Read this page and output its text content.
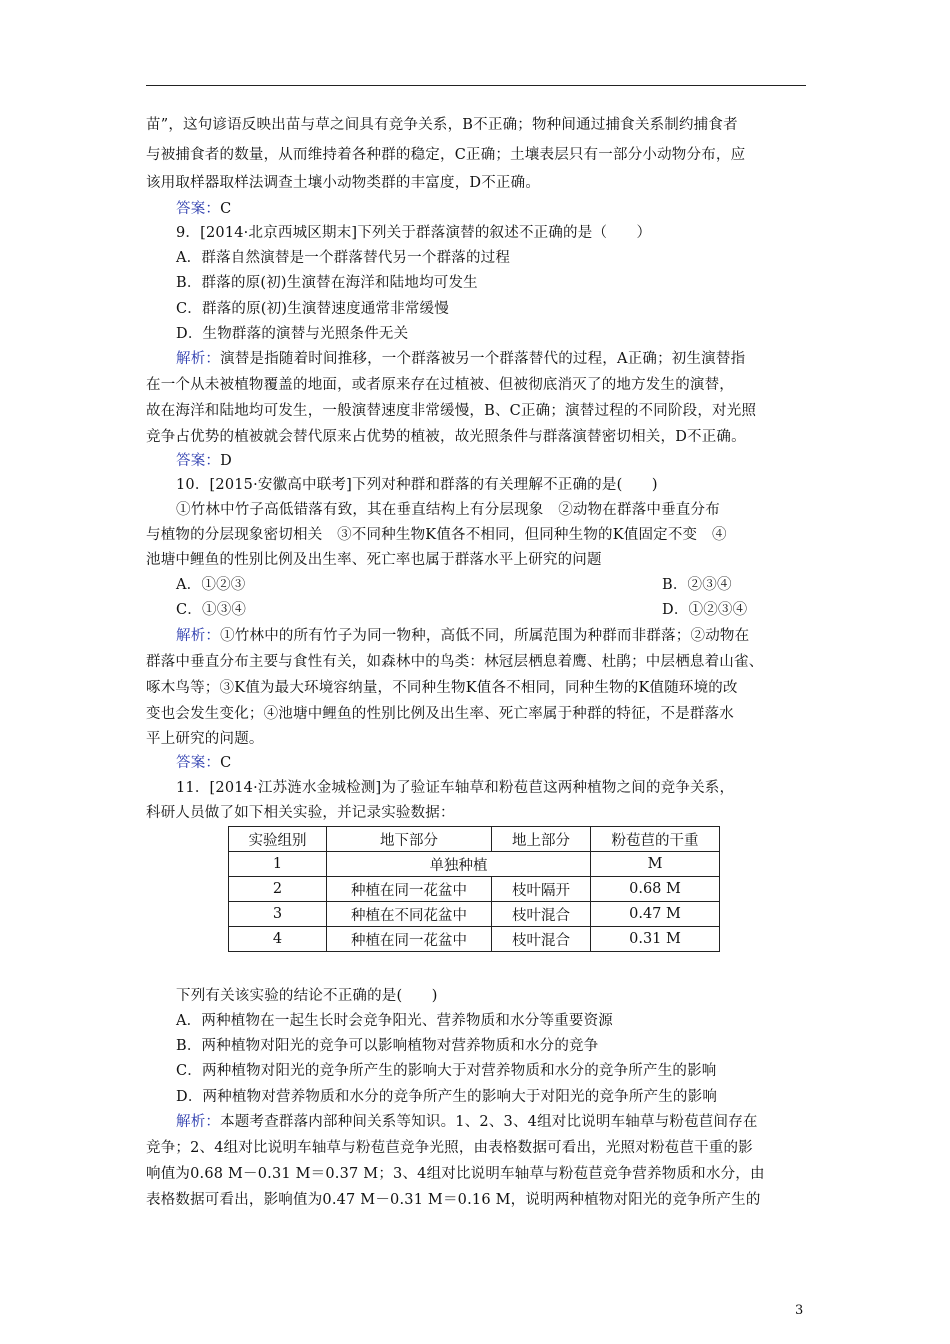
苗”，这句谚语反映出苗与草之间具有竞争关系，B不正确；物种间通过捕食关系制约捕食者
与被捕食者的数量，从而维持着各种群的稳定，C正确；土壤表层只有一部分小动物分布，应
该用取样器取样法调查土壤小动物类群的丰富度，D不正确。
答案：C
9．[2014·北京西城区期末]下列关于群落演替的叙述不正确的是（　　）
A．群落自然演替是一个群落替代另一个群落的过程
B．群落的原(初)生演替在海洋和陆地均可发生
C．群落的原(初)生演替速度通常非常缓慢
D．生物群落的演替与光照条件无关
解析：演替是指随着时间推移，一个群落被另一个群落替代的过程，A正确；初生演替指
在一个从未被植物覆盖的地面，或者原来存在过植被、但被彻底消灭了的地方发生的演替，
故在海洋和陆地均可发生，一般演替速度非常缓慢，B、C正确；演替过程的不同阶段，对光照
竞争占优势的植被就会替代原来占优势的植被，故光照条件与群落演替密切相关，D不正确。
答案：D
10．[2015·安徽高中联考]下列对种群和群落的有关理解不正确的是(　　)
①竹林中竹子高低错落有致，其在垂直结构上有分层现象　②动物在群落中垂直分布
与植物的分层现象密切相关　③不同种生物K值各不相同，但同种生物的K值固定不变　④
池塘中鲤鱼的性别比例及出生率、死亡率也属于群落水平上研究的问题
A．①②③	B．②③④
C．①③④	D．①②③④
解析：①竹林中的所有竹子为同一物种，高低不同，所属范围为种群而非群落；②动物在
群落中垂直分布主要与食性有关，如森林中的鸟类：林冠层栖息着鹰、杜鹃；中层栖息着山雀、
啄木鸟等；③K值为最大环境容纳量，不同种生物K值各不相同，同种生物的K值随环境的改
变也会发生变化；④池塘中鲤鱼的性别比例及出生率、死亡率属于种群的特征，不是群落水
平上研究的问题。
答案：C
11．[2014·江苏涟水金城检测]为了验证车轴草和粉苞苣这两种植物之间的竞争关系，
科研人员做了如下相关实验，并记录实验数据：
实验组别	地下部分	地上部分	粉苞苣的干重
1	单独种植		M
2	种植在同一花盆中	枝叶隔开	0.68 M
3	种植在不同花盆中	枝叶混合	0.47 M
4	种植在同一花盆中	枝叶混合	0.31 M
下列有关该实验的结论不正确的是(　　)
A．两种植物在一起生长时会竞争阳光、营养物质和水分等重要资源
B．两种植物对阳光的竞争可以影响植物对营养物质和水分的竞争
C．两种植物对阳光的竞争所产生的影响大于对营养物质和水分的竞争所产生的影响
D．两种植物对营养物质和水分的竞争所产生的影响大于对阳光的竞争所产生的影响
解析：本题考查群落内部种间关系等知识。1、2、3、4组对比说明车轴草与粉苞苣间存在
竞争；2、4组对比说明车轴草与粉苞苣竞争光照，由表格数据可看出，光照对粉苞苣干重的影
响值为0.68 M－0.31 M＝0.37 M；3、4组对比说明车轴草与粉苞苣竞争营养物质和水分，由
表格数据可看出，影响值为0.47 M－0.31 M＝0.16 M，说明两种植物对阳光的竞争所产生的
3
